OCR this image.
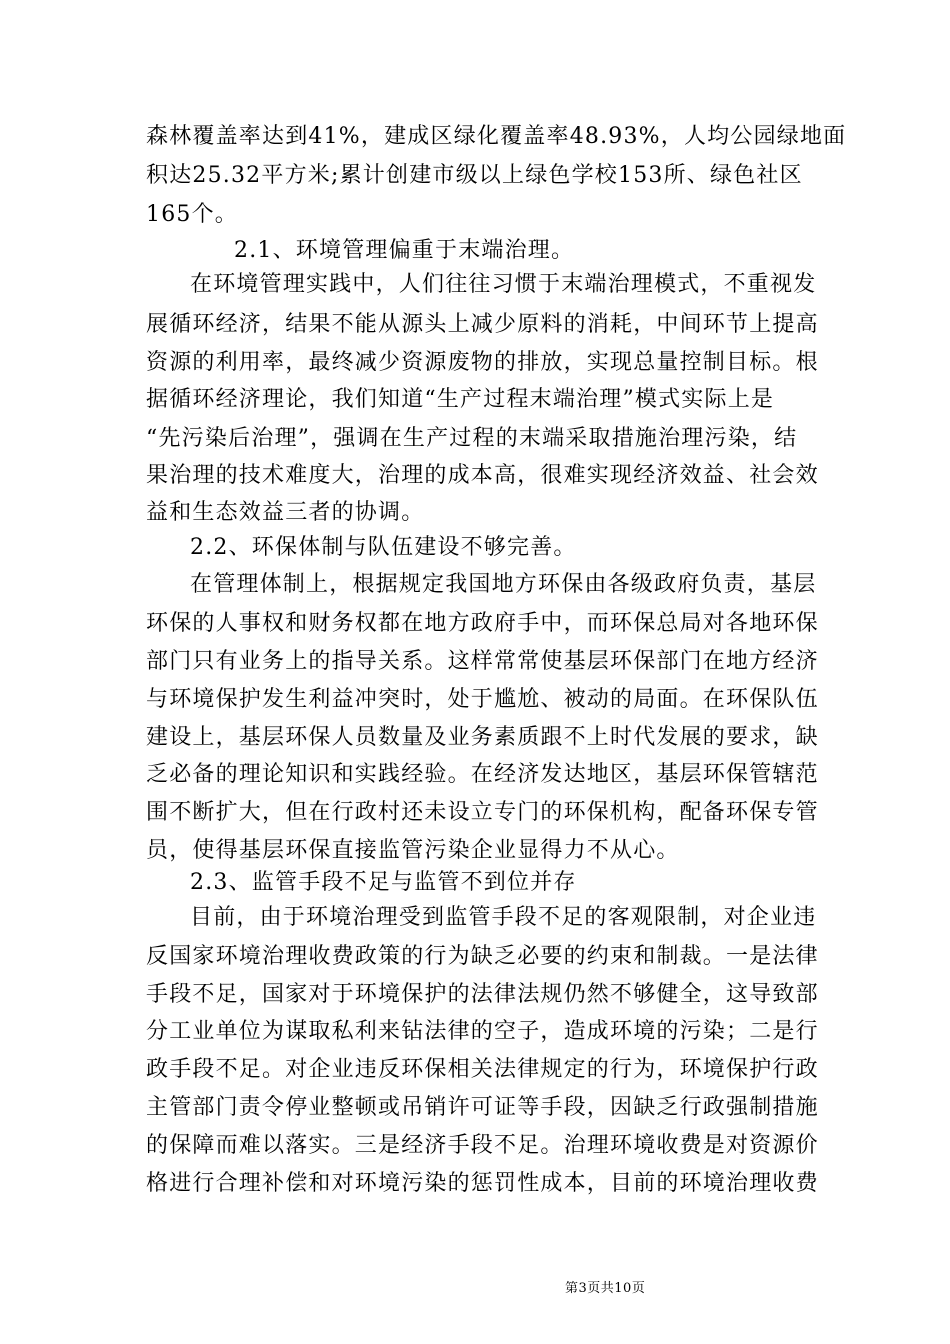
森林覆盖率达到41%，建成区绿化覆盖率48.93%，人均公园绿地面
积达25.32平方米;累计创建市级以上绿色学校153所、绿色社区
165个。
2.1、环境管理偏重于末端治理。
在环境管理实践中，人们往往习惯于末端治理模式，不重视发
展循环经济，结果不能从源头上减少原料的消耗，中间环节上提高
资源的利用率，最终减少资源废物的排放，实现总量控制目标。根
据循环经济理论，我们知道“生产过程末端治理”模式实际上是
“先污染后治理”，强调在生产过程的末端采取措施治理污染，结
果治理的技术难度大，治理的成本高，很难实现经济效益、社会效
益和生态效益三者的协调。
2.2、环保体制与队伍建设不够完善。
在管理体制上，根据规定我国地方环保由各级政府负责，基层
环保的人事权和财务权都在地方政府手中，而环保总局对各地环保
部门只有业务上的指导关系。这样常常使基层环保部门在地方经济
与环境保护发生利益冲突时，处于尴尬、被动的局面。在环保队伍
建设上，基层环保人员数量及业务素质跟不上时代发展的要求，缺
乏必备的理论知识和实践经验。在经济发达地区，基层环保管辖范
围不断扩大，但在行政村还未设立专门的环保机构，配备环保专管
员，使得基层环保直接监管污染企业显得力不从心。
2.3、监管手段不足与监管不到位并存
目前，由于环境治理受到监管手段不足的客观限制，对企业违
反国家环境治理收费政策的行为缺乏必要的约束和制裁。一是法律
手段不足，国家对于环境保护的法律法规仍然不够健全，这导致部
分工业单位为谋取私利来钻法律的空子，造成环境的污染；二是行
政手段不足。对企业违反环保相关法律规定的行为，环境保护行政
主管部门责令停业整顿或吊销许可证等手段，因缺乏行政强制措施
的保障而难以落实。三是经济手段不足。治理环境收费是对资源价
格进行合理补偿和对环境污染的惩罚性成本，目前的环境治理收费
第3页共10页
